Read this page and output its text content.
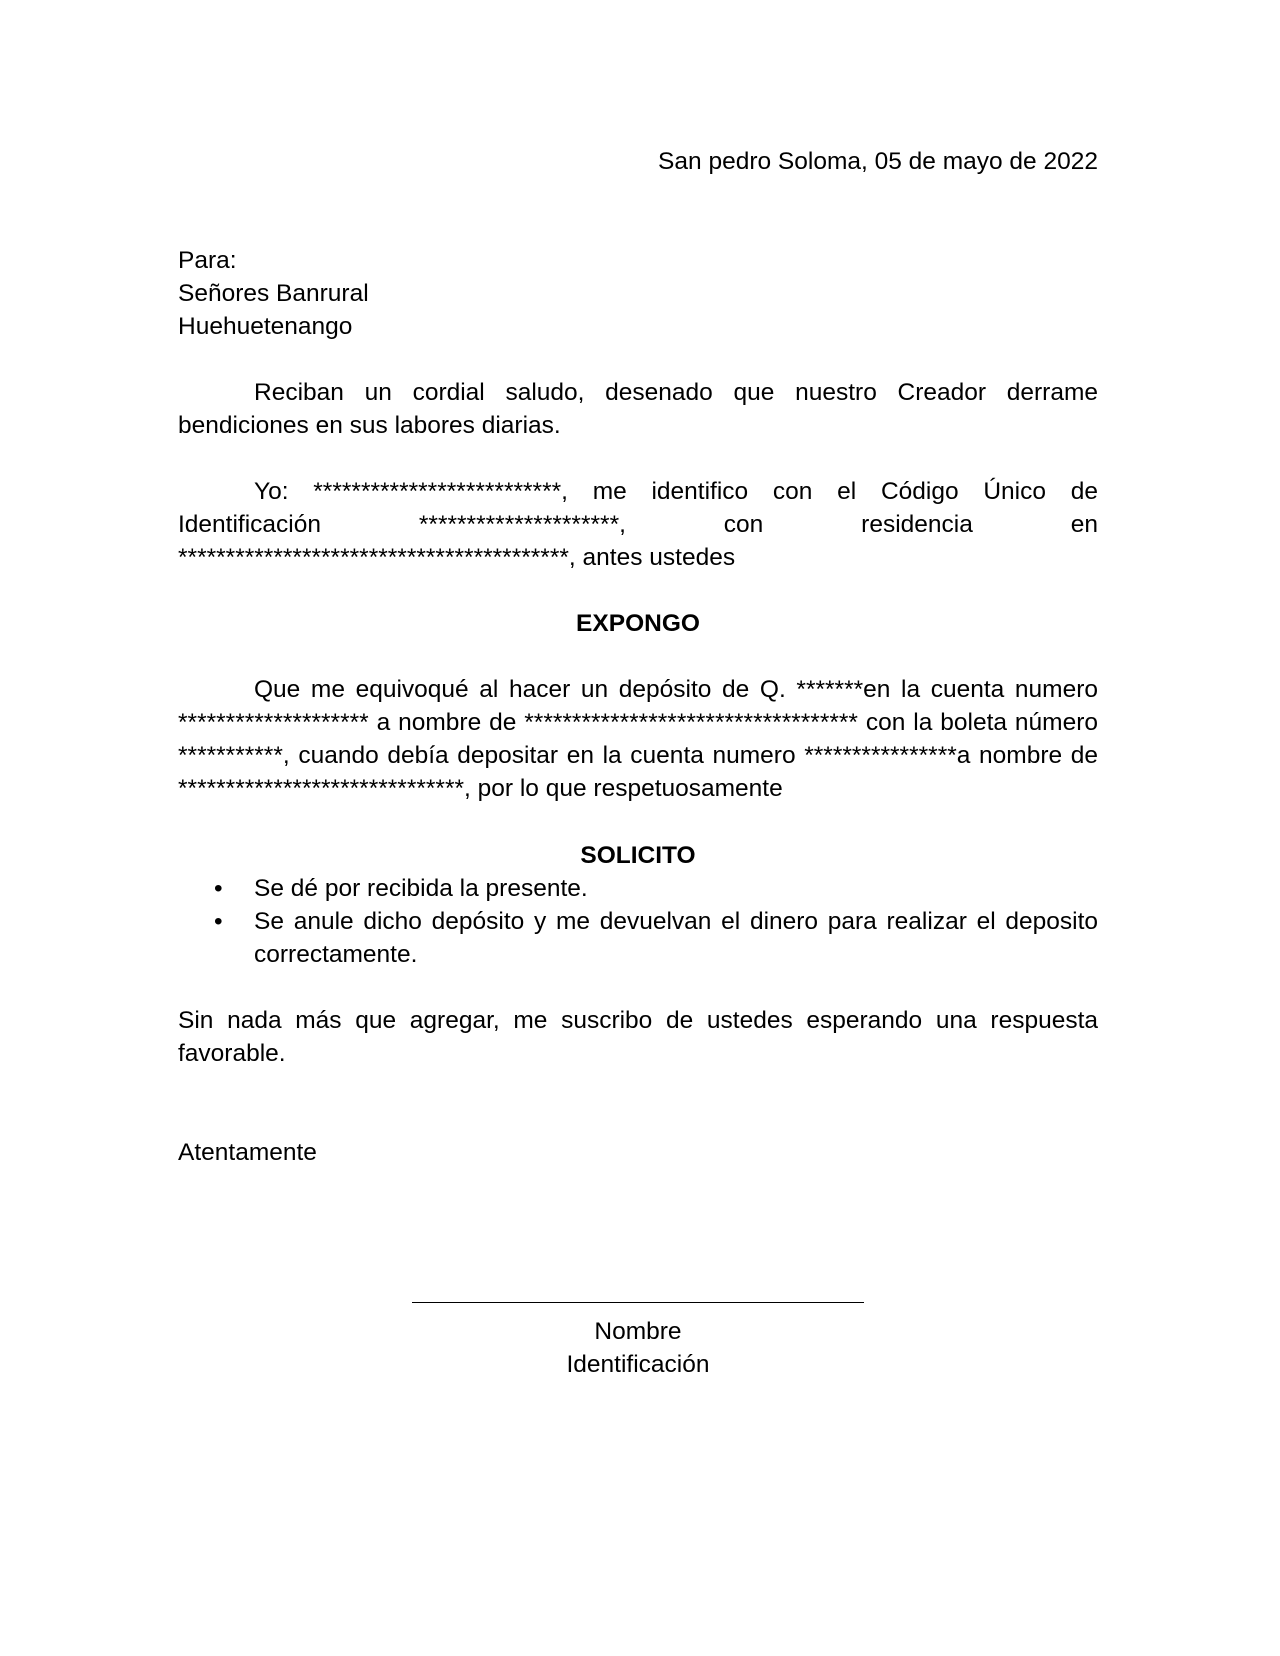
San pedro Soloma, 05 de mayo de 2022
Para:
Señores Banrural
Huehuetenango
Reciban un cordial saludo, desenado que nuestro Creador derrame bendiciones en sus labores diarias.
Yo: **************************, me identifico con el Código Único de Identificación *********************, con residencia en *****************************************, antes ustedes
EXPONGO
Que me equivoqué al hacer un depósito de Q. *******en la cuenta numero ******************** a nombre de *********************************** con la boleta número ***********, cuando debía depositar en la cuenta numero ****************a nombre de ******************************, por lo que respetuosamente
SOLICITO
• Se dé por recibida la presente.
• Se anule dicho depósito y me devuelvan el dinero para realizar el deposito correctamente.
Sin nada más que agregar, me suscribo de ustedes esperando una respuesta favorable.
Atentamente
Nombre
Identificación
